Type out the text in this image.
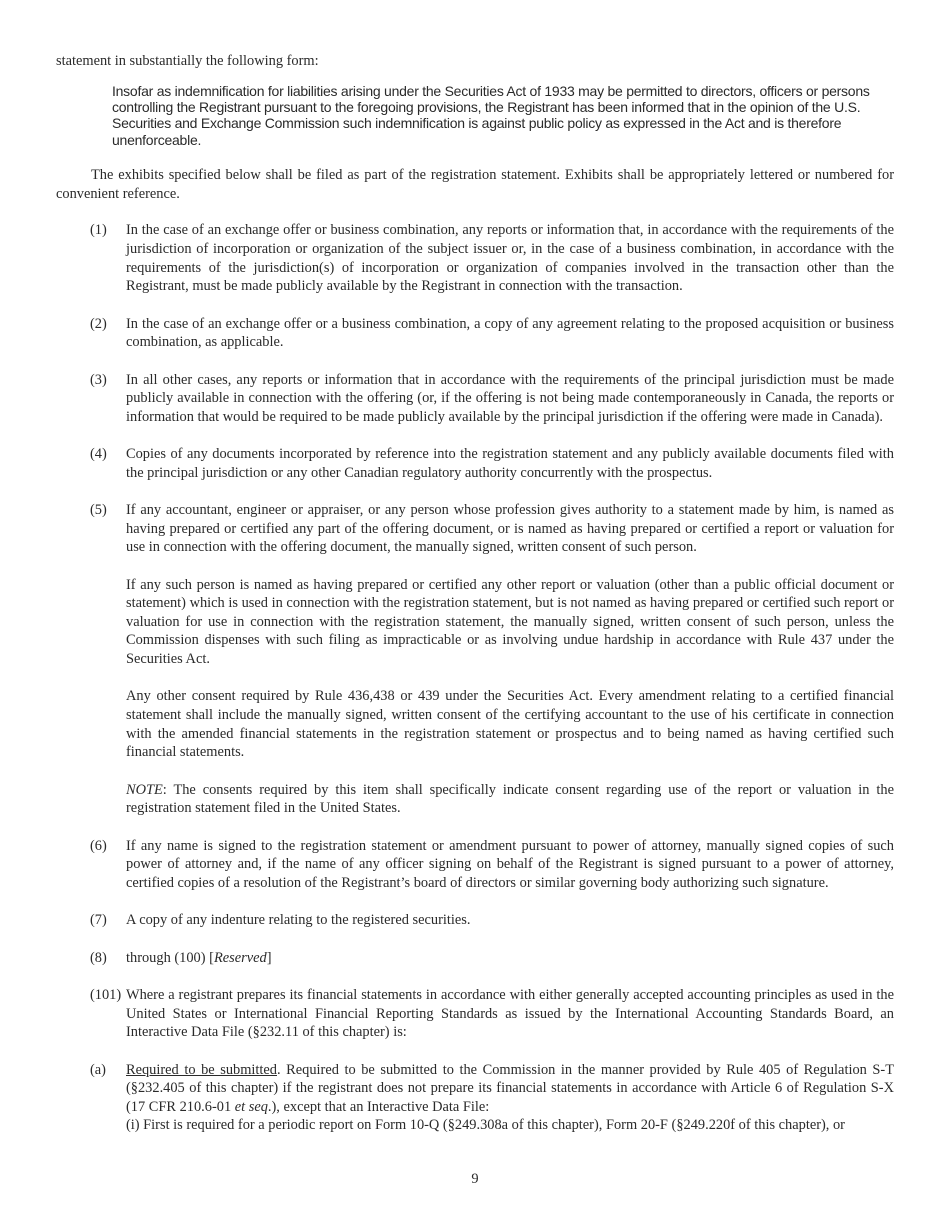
statement in substantially the following form:

Insofar as indemnification for liabilities arising under the Securities Act of 1933 may be permitted to directors, officers or persons controlling the Registrant pursuant to the foregoing provisions, the Registrant has been informed that in the opinion of the U.S. Securities and Exchange Commission such indemnification is against public policy as expressed in the Act and is therefore unenforceable.

The exhibits specified below shall be filed as part of the registration statement. Exhibits shall be appropriately lettered or numbered for convenient reference.

(1) In the case of an exchange offer or business combination, any reports or information that, in accordance with the requirements of the jurisdiction of incorporation or organization of the subject issuer or, in the case of a business combination, in accordance with the requirements of the jurisdiction(s) of incorporation or organization of companies involved in the transaction other than the Registrant, must be made publicly available by the Registrant in connection with the transaction.
(2) In the case of an exchange offer or a business combination, a copy of any agreement relating to the proposed acquisition or business combination, as applicable.
(3) In all other cases, any reports or information that in accordance with the requirements of the principal jurisdiction must be made publicly available in connection with the offering (or, if the offering is not being made contemporaneously in Canada, the reports or information that would be required to be made publicly available by the principal jurisdiction if the offering were made in Canada).
(4) Copies of any documents incorporated by reference into the registration statement and any publicly available documents filed with the principal jurisdiction or any other Canadian regulatory authority concurrently with the prospectus.
(5) If any accountant, engineer or appraiser, or any person whose profession gives authority to a statement made by him, is named as having prepared or certified any part of the offering document, or is named as having prepared or certified a report or valuation for use in connection with the offering document, the manually signed, written consent of such person.

If any such person is named as having prepared or certified any other report or valuation (other than a public official document or statement) which is used in connection with the registration statement, but is not named as having prepared or certified such report or valuation for use in connection with the registration statement, the manually signed, written consent of such person, unless the Commission dispenses with such filing as impracticable or as involving undue hardship in accordance with Rule 437 under the Securities Act.

Any other consent required by Rule 436,438 or 439 under the Securities Act. Every amendment relating to a certified financial statement shall include the manually signed, written consent of the certifying accountant to the use of his certificate in connection with the amended financial statements in the registration statement or prospectus and to being named as having certified such financial statements.

NOTE: The consents required by this item shall specifically indicate consent regarding use of the report or valuation in the registration statement filed in the United States.

(6) If any name is signed to the registration statement or amendment pursuant to power of attorney, manually signed copies of such power of attorney and, if the name of any officer signing on behalf of the Registrant is signed pursuant to a power of attorney, certified copies of a resolution of the Registrant’s board of directors or similar governing body authorizing such signature.
(7) A copy of any indenture relating to the registered securities.
(8) through (100) [Reserved]
(101) Where a registrant prepares its financial statements in accordance with either generally accepted accounting principles as used in the United States or International Financial Reporting Standards as issued by the International Accounting Standards Board, an Interactive Data File (§232.11 of this chapter) is:
(a) Required to be submitted. Required to be submitted to the Commission in the manner provided by Rule 405 of Regulation S-T (§232.405 of this chapter) if the registrant does not prepare its financial statements in accordance with Article 6 of Regulation S-X (17 CFR 210.6-01 et seq.), except that an Interactive Data File:

(i) First is required for a periodic report on Form 10-Q (§249.308a of this chapter), Form 20-F (§249.220f of this chapter), or

9
